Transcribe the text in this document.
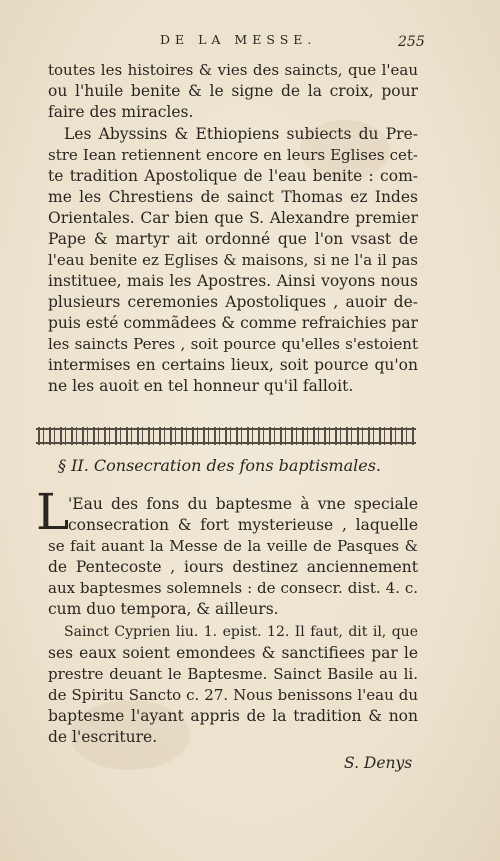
DE LA MESSE.	255
toutes les histoires & vies des saincts, que l'eau
ou l'huile benite & le signe de la croix, pour
faire des miracles.
Les Abyssins & Ethiopiens subiects du Pre-
stre Iean retiennent encore en leurs Eglises cet-
te tradition Apostolique de l'eau benite : com-
me les Chrestiens de sainct Thomas ez Indes
Orientales. Car bien que S. Alexandre premier
Pape & martyr ait ordonné que l'on vsast de
l'eau benite ez Eglises & maisons, si ne l'a il pas
instituee, mais les Apostres. Ainsi voyons nous
plusieurs ceremonies Apostoliques , auoir de-
puis esté commãdees & comme refraichies par
les saincts Peres , soit pource qu'elles s'estoient
intermises en certains lieux, soit pource qu'on
ne les auoit en tel honneur qu'il falloit.
§ II. Consecration des fons baptismales.
L
'Eau des fons du baptesme à vne speciale
consecration & fort mysterieuse , laquelle
se fait auant la Messe de la veille de Pasques &
de Pentecoste , iours destinez anciennement
aux baptesmes solemnels : de consecr. dist. 4. c.
cum duo tempora, & ailleurs.
Sainct Cyprien liu. 1. epist. 12. Il faut, dit il, que
ses eaux soient emondees & sanctifiees par le
prestre deuant le Baptesme. Sainct Basile au li.
de Spiritu Sancto c. 27. Nous benissons l'eau du
baptesme l'ayant appris de la tradition & non
de l'escriture.
S. Denys
